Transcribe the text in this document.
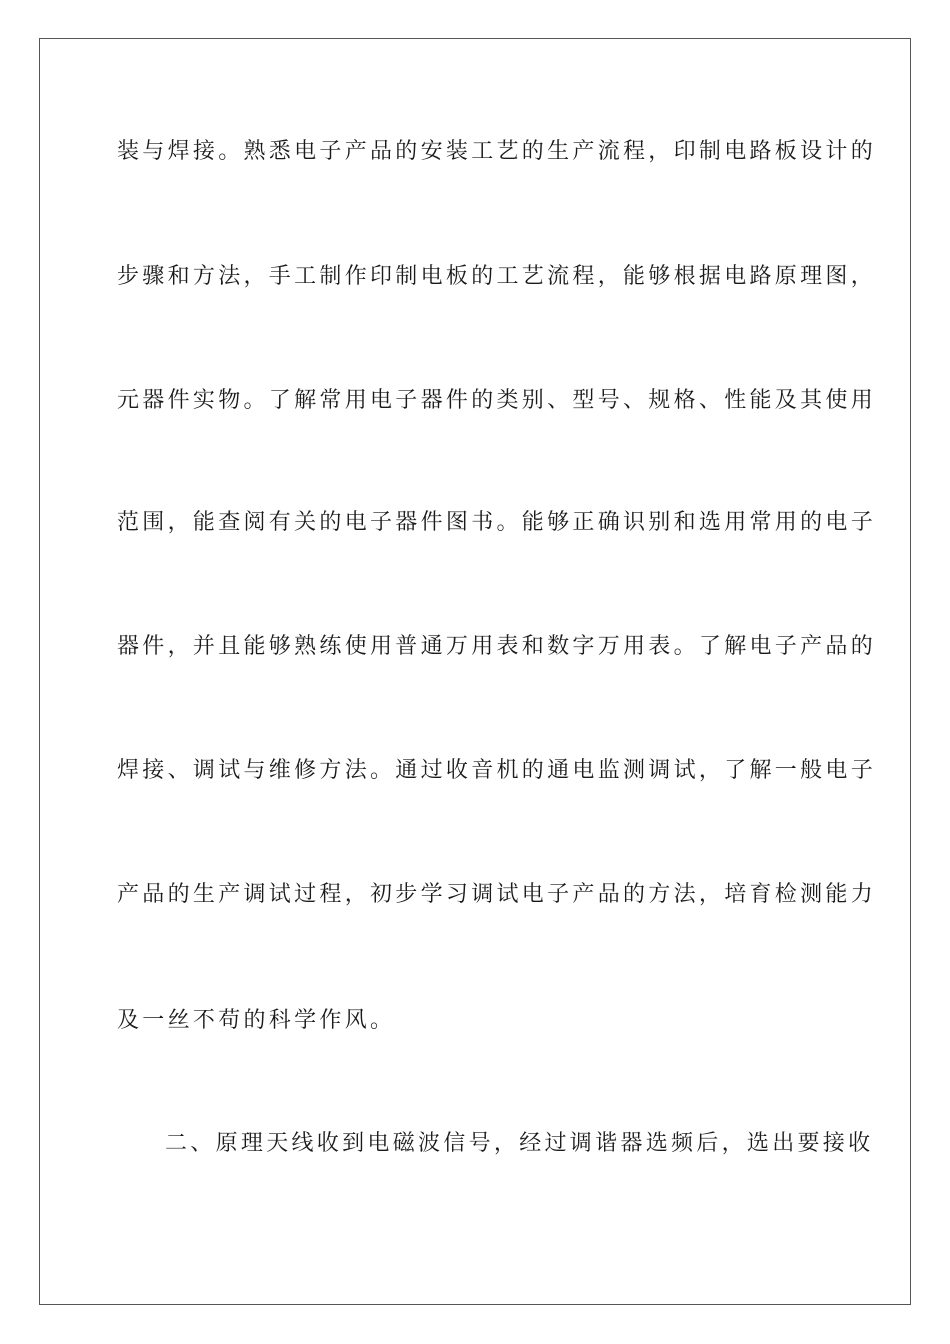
装与焊接。熟悉电子产品的安装工艺的生产流程，印制电路板设计的
步骤和方法，手工制作印制电板的工艺流程，能够根据电路原理图，
元器件实物。了解常用电子器件的类别、型号、规格、性能及其使用
范围，能查阅有关的电子器件图书。能够正确识别和选用常用的电子
器件，并且能够熟练使用普通万用表和数字万用表。了解电子产品的
焊接、调试与维修方法。通过收音机的通电监测调试，了解一般电子
产品的生产调试过程，初步学习调试电子产品的方法，培育检测能力
及一丝不苟的科学作风。
二、原理天线收到电磁波信号，经过调谐器选频后，选出要接收
